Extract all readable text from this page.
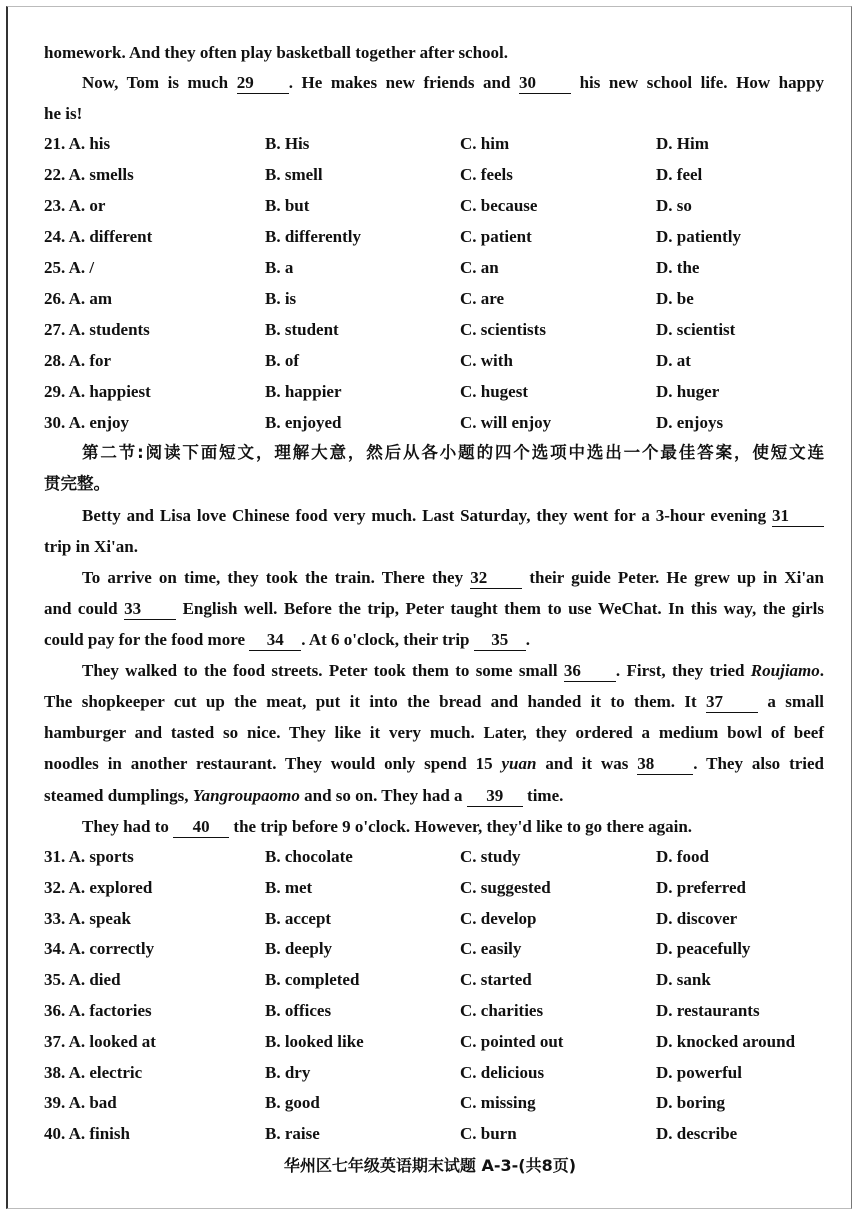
homework. And they often play basketball together after school.
Now, Tom is much 29 . He makes new friends and 30	his new school life. How happy
he is!
21. A. his	B. His	C. him	D. Him
22. A. smells	B. smell	C. feels	D. feel
23. A. or	B. but	C. because	D. so
24. A. different	B. differently	C. patient	D. patiently
25. A. /	B. a	C. an	D. the
26. A. am	B. is	C. are	D. be
27. A. students	B. student	C. scientists	D. scientist
28. A. for	B. of	C. with	D. at
29. A. happiest	B. happier	C. hugest	D. huger
30. A. enjoy	B. enjoyed	C. will enjoy	D. enjoys
第二节:阅读下面短文，理解大意，然后从各小题的四个选项中选出一个最佳答案，使短文连
贯完整。
Betty and Lisa love Chinese food very much. Last Saturday, they went for a 3-hour evening 31
trip in Xi'an.
To arrive on time, they took the train. There they 32 their guide Peter. He grew up in Xi'an
and could 33 English well. Before the trip, Peter taught them to use WeChat. In this way, the girls
could pay for the food more 34 . At 6 o'clock, their trip 35 .
They walked to the food streets. Peter took them to some small 36 . First, they tried Roujiamo.
The shopkeeper cut up the meat, put it into the bread and handed it to them. It 37	a small
hamburger and tasted so nice. They like it very much. Later, they ordered a medium bowl of beef
noodles in another restaurant. They would only spend 15 yuan and it was 38 . They also tried
steamed dumplings, Yangroupaomo and so on. They had a 39 time.
They had to 40 the trip before 9 o'clock. However, they'd like to go there again.
31. A. sports	B. chocolate	C. study	D. food
32. A. explored	B. met	C. suggested	D. preferred
33. A. speak	B. accept	C. develop	D. discover
34. A. correctly	B. deeply	C. easily	D. peacefully
35. A. died	B. completed	C. started	D. sank
36. A. factories	B. offices	C. charities	D. restaurants
37. A. looked at	B. looked like	C. pointed out	D. knocked around
38. A. electric	B. dry	C. delicious	D. powerful
39. A. bad	B. good	C. missing	D. boring
40. A. finish	B. raise	C. burn	D. describe
华州区七年级英语期末试题 A-3-(共8页)
